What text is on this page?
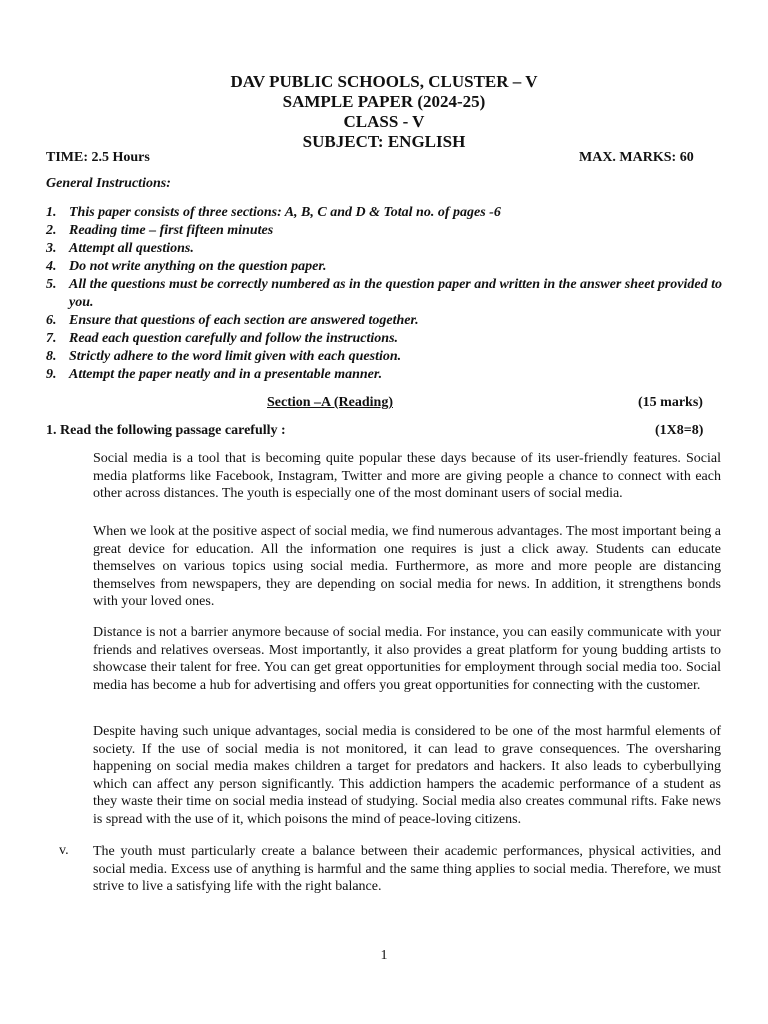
DAV PUBLIC SCHOOLS, CLUSTER – V
SAMPLE PAPER (2024-25)
CLASS - V
SUBJECT: ENGLISH
TIME: 2.5 Hours	MAX. MARKS: 60
General Instructions:
1. This paper consists of three sections: A, B, C and D & Total no. of pages -6
2. Reading time – first fifteen minutes
3. Attempt all questions.
4. Do not write anything on the question paper.
5. All the questions must be correctly numbered as in the question paper and written in the answer sheet provided to you.
6. Ensure that questions of each section are answered together.
7. Read each question carefully and follow the instructions.
8. Strictly adhere to the word limit given with each question.
9. Attempt the paper neatly and in a presentable manner.
Section –A (Reading)	(15 marks)
1. Read the following passage carefully :	(1X8=8)

Social media is a tool that is becoming quite popular these days because of its user-friendly features. Social media platforms like Facebook, Instagram, Twitter and more are giving people a chance to connect with each other across distances. The youth is especially one of the most dominant users of social media.

When we look at the positive aspect of social media, we find numerous advantages. The most important being a great device for education. All the information one requires is just a click away. Students can educate themselves on various topics using social media. Furthermore, as more and more people are distancing themselves from newspapers, they are depending on social media for news. In addition, it strengthens bonds with your loved ones.

Distance is not a barrier anymore because of social media. For instance, you can easily communicate with your friends and relatives overseas. Most importantly, it also provides a great platform for young budding artists to showcase their talent for free. You can get great opportunities for employment through social media too. Social media has become a hub for advertising and offers you great opportunities for connecting with the customer.

Despite having such unique advantages, social media is considered to be one of the most harmful elements of society. If the use of social media is not monitored, it can lead to grave consequences. The oversharing happening on social media makes children a target for predators and hackers. It also leads to cyberbullying which can affect any person significantly. This addiction hampers the academic performance of a student as they waste their time on social media instead of studying. Social media also creates communal rifts. Fake news is spread with the use of it, which poisons the mind of peace-loving citizens.

v. The youth must particularly create a balance between their academic performances, physical activities, and social media. Excess use of anything is harmful and the same thing applies to social media. Therefore, we must strive to live a satisfying life with the right balance.

1
